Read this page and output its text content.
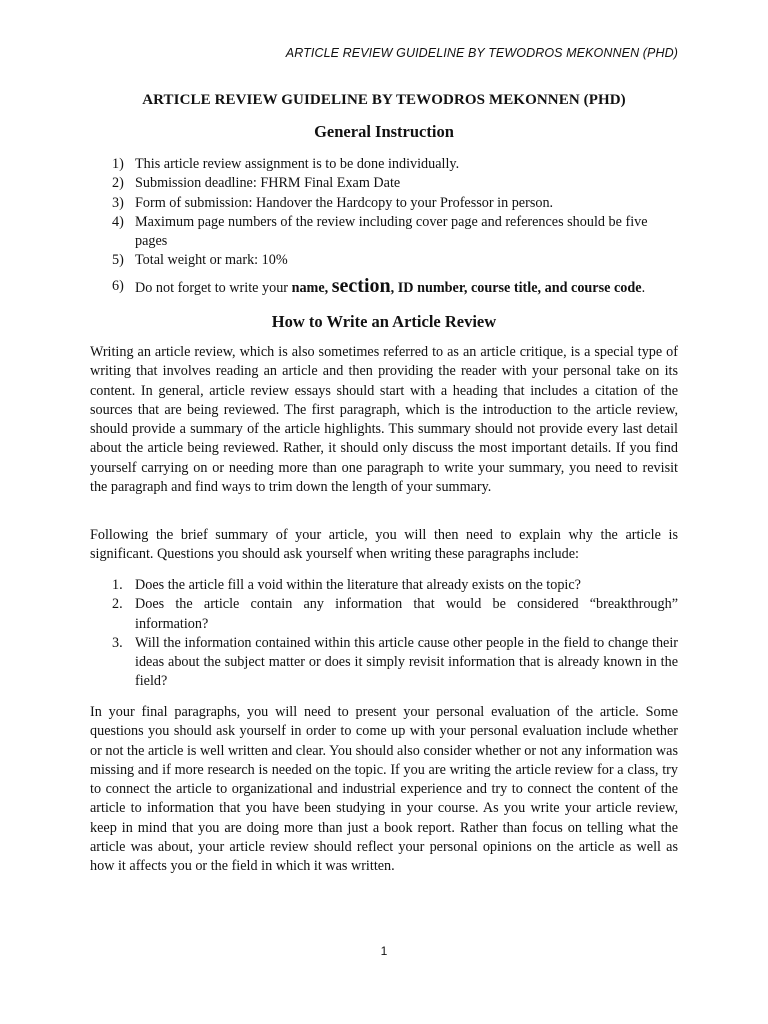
ARTICLE REVIEW GUIDELINE BY TEWODROS MEKONNEN (PHD)
ARTICLE REVIEW GUIDELINE BY TEWODROS MEKONNEN (PHD)
General Instruction
1) This article review assignment is to be done individually.
2) Submission deadline: FHRM Final Exam Date
3) Form of submission: Handover the Hardcopy to your Professor in person.
4) Maximum page numbers of the review including cover page and references should be five pages
5) Total weight or mark: 10%
6) Do not forget to write your name, section, ID number, course title, and course code.
How to Write an Article Review

Writing an article review, which is also sometimes referred to as an article critique, is a special type of writing that involves reading an article and then providing the reader with your personal take on its content. In general, article review essays should start with a heading that includes a citation of the sources that are being reviewed. The first paragraph, which is the introduction to the article review, should provide a summary of the article highlights. This summary should not provide every last detail about the article being reviewed. Rather, it should only discuss the most important details. If you find yourself carrying on or needing more than one paragraph to write your summary, you need to revisit the paragraph and find ways to trim down the length of your summary.

Following the brief summary of your article, you will then need to explain why the article is significant. Questions you should ask yourself when writing these paragraphs include:

1. Does the article fill a void within the literature that already exists on the topic?
2. Does the article contain any information that would be considered “breakthrough” information?
3. Will the information contained within this article cause other people in the field to change their ideas about the subject matter or does it simply revisit information that is already known in the field?

In your final paragraphs, you will need to present your personal evaluation of the article. Some questions you should ask yourself in order to come up with your personal evaluation include whether or not the article is well written and clear. You should also consider whether or not any information was missing and if more research is needed on the topic. If you are writing the article review for a class, try to connect the article to organizational and industrial experience and try to connect the content of the article to information that you have been studying in your course. As you write your article review, keep in mind that you are doing more than just a book report. Rather than focus on telling what the article was about, your article review should reflect your personal opinions on the article as well as how it affects you or the field in which it was written.

1
